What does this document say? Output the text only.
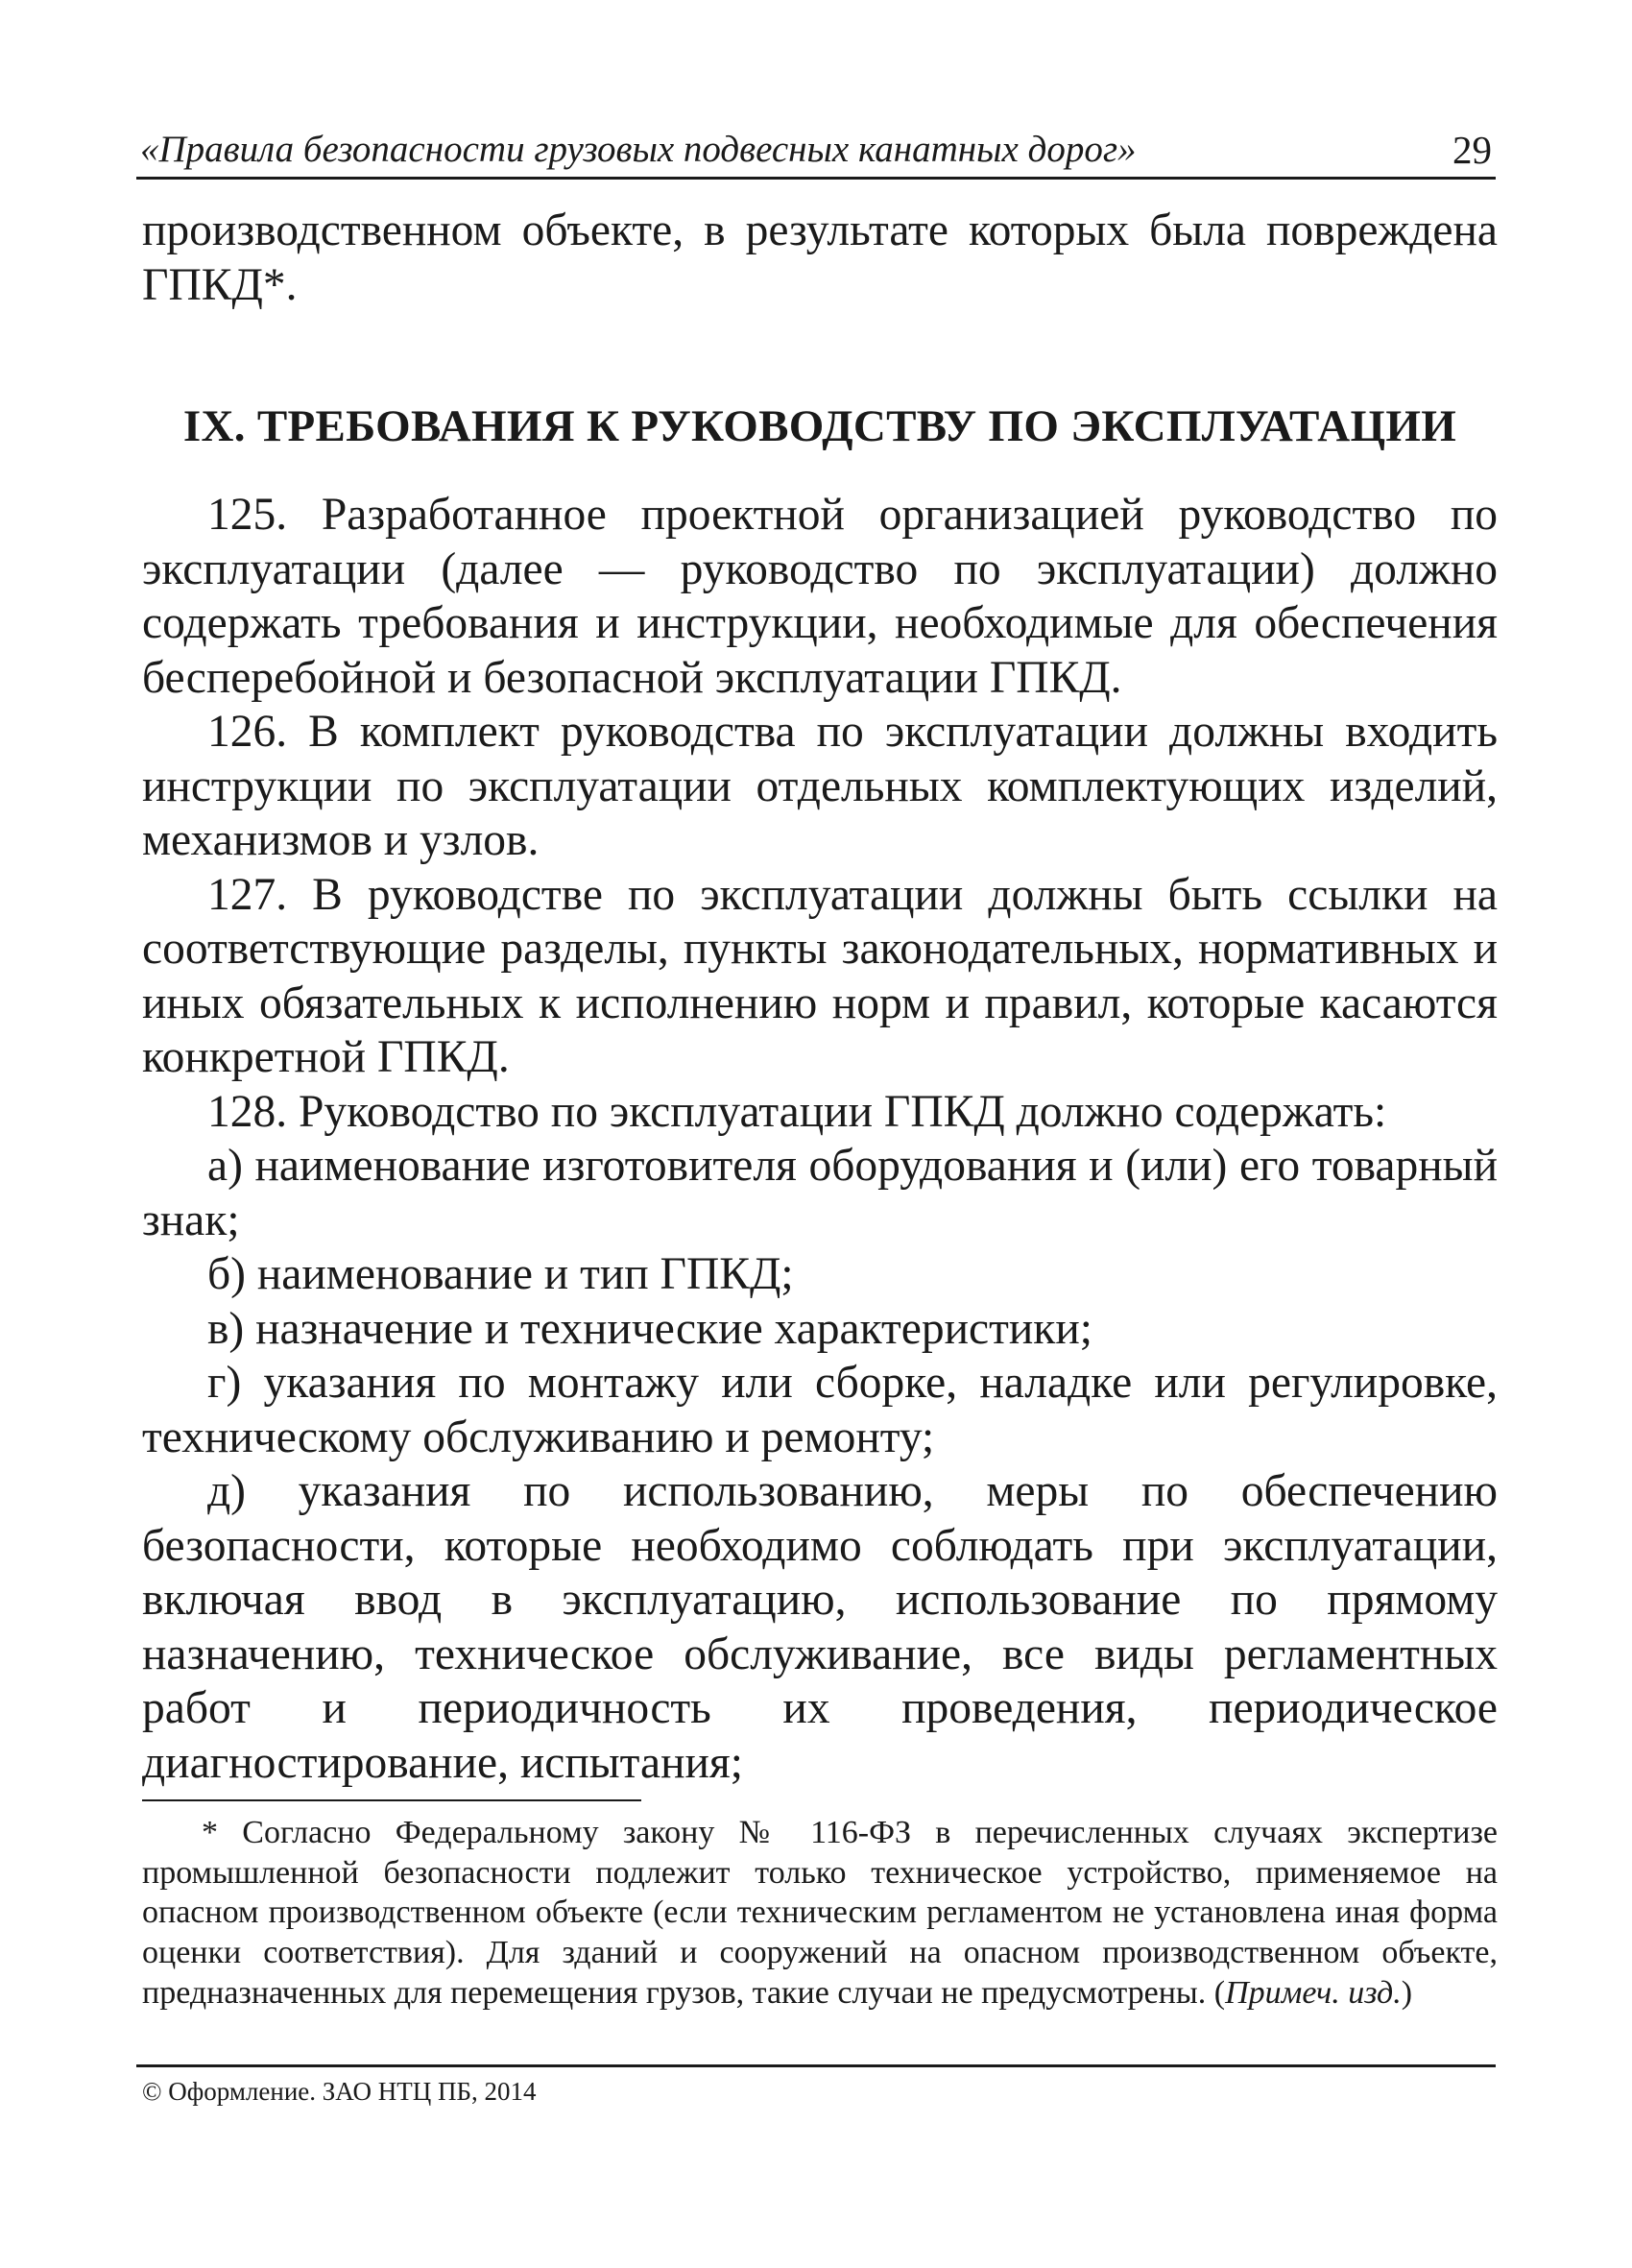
«Правила безопасности грузовых подвесных канатных дорог»	29

производственном объекте, в результате которых была повреждена ГПКД*.

IX. ТРЕБОВАНИЯ К РУКОВОДСТВУ ПО ЭКСПЛУАТАЦИИ

125. Разработанное проектной организацией руководство по эксплуатации (далее — руководство по эксплуатации) должно содержать требования и инструкции, необходимые для обеспечения бесперебойной и безопасной эксплуатации ГПКД.

126. В комплект руководства по эксплуатации должны входить инструкции по эксплуатации отдельных комплектующих изделий, механизмов и узлов.

127. В руководстве по эксплуатации должны быть ссылки на соответствующие разделы, пункты законодательных, нормативных и иных обязательных к исполнению норм и правил, которые касаются конкретной ГПКД.

128. Руководство по эксплуатации ГПКД должно содержать:

а) наименование изготовителя оборудования и (или) его товарный знак;

б) наименование и тип ГПКД;

в) назначение и технические характеристики;

г) указания по монтажу или сборке, наладке или регулировке, техническому обслуживанию и ремонту;

д) указания по использованию, меры по обеспечению безопасности, которые необходимо соблюдать при эксплуатации, включая ввод в эксплуатацию, использование по прямому назначению, техническое обслуживание, все виды регламентных работ и периодичность их проведения, периодическое диагностирование, испытания;

* Согласно Федеральному закону № 116-ФЗ в перечисленных случаях экспертизе промышленной безопасности подлежит только техническое устройство, применяемое на опасном производственном объекте (если техническим регламентом не установлена иная форма оценки соответствия). Для зданий и сооружений на опасном производственном объекте, предназначенных для перемещения грузов, такие случаи не предусмотрены. (Примеч. изд.)

© Оформление. ЗАО НТЦ ПБ, 2014
